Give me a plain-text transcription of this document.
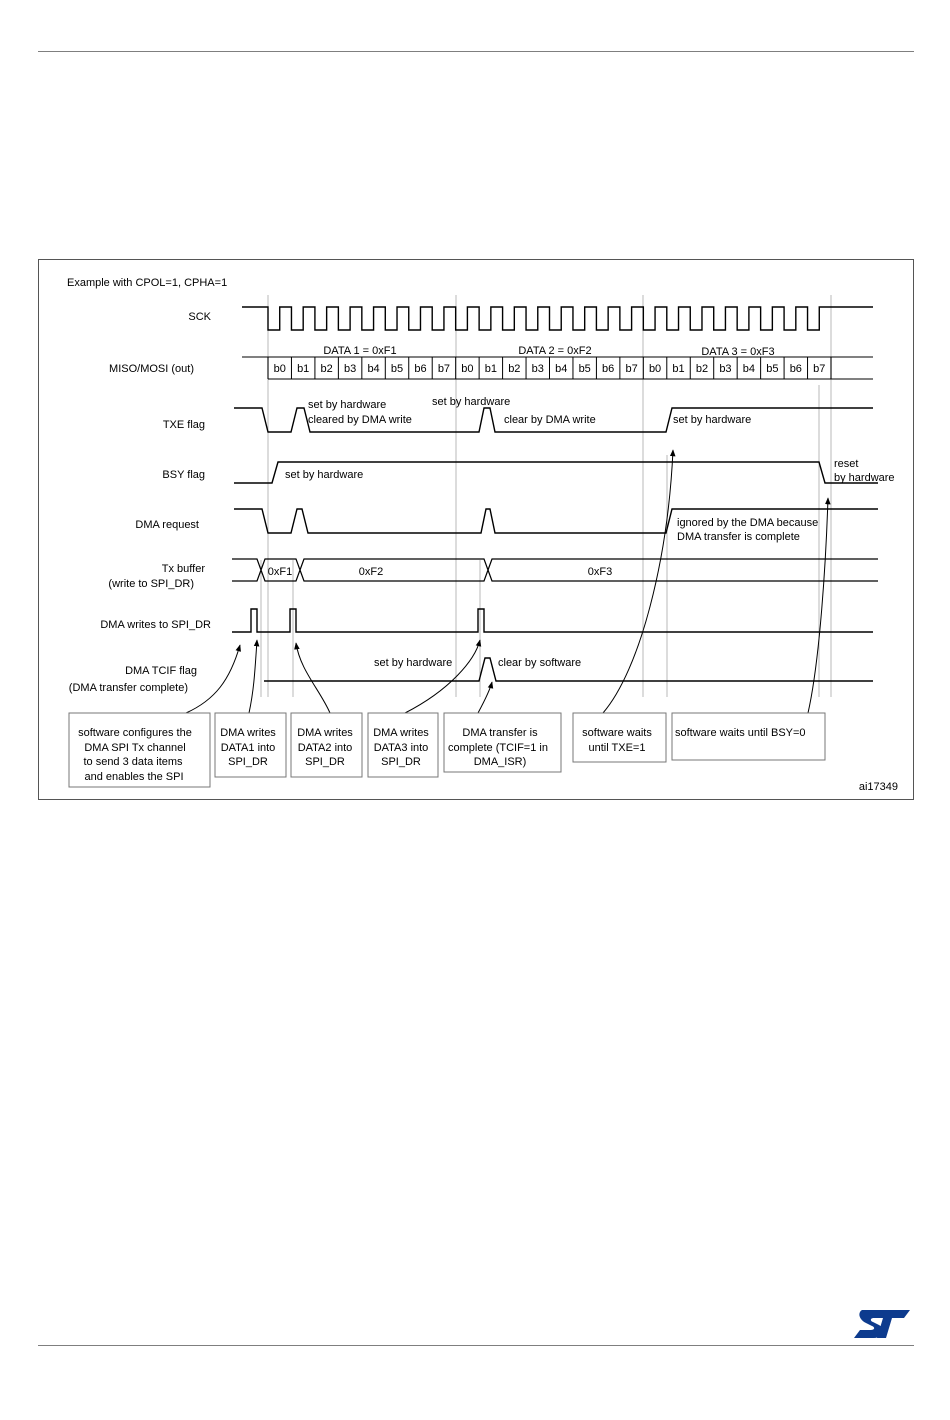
Example with CPOL=1, CPHA=1
SCK
MISO/MOSI (out)
TXE flag
BSY flag
DMA request
Tx buffer
(write to SPI_DR)
DMA writes to SPI_DR
DMA TCIF flag
(DMA transfer complete)
b0 b1 b2 b3 b4 b5 b6 b7 b0 b1 b2 b3 b4 b5 b6 b7 b0 b1 b2 b3 b4 b5 b6 b7
DATA 1 = 0xF1	DATA 2 = 0xF2	DATA 3 = 0xF3
set by hardware
cleared by DMA write
set by hardware
clear by DMA write	set by hardware
set by hardware
reset
by hardware
ignored by the DMA because
DMA transfer is complete
0xF1	0xF2	0xF3
set by hardware	clear by software
software configures the
DMA SPI Tx channel
to send 3 data items
and enables the SPI
DMA writes
DATA1 into
SPI_DR
DMA writes
DATA2 into
SPI_DR
DMA writes
DATA3 into
SPI_DR
DMA transfer is
complete (TCIF=1 in
DMA_ISR)
software waits
until TXE=1
software waits until BSY=0
ai17349
